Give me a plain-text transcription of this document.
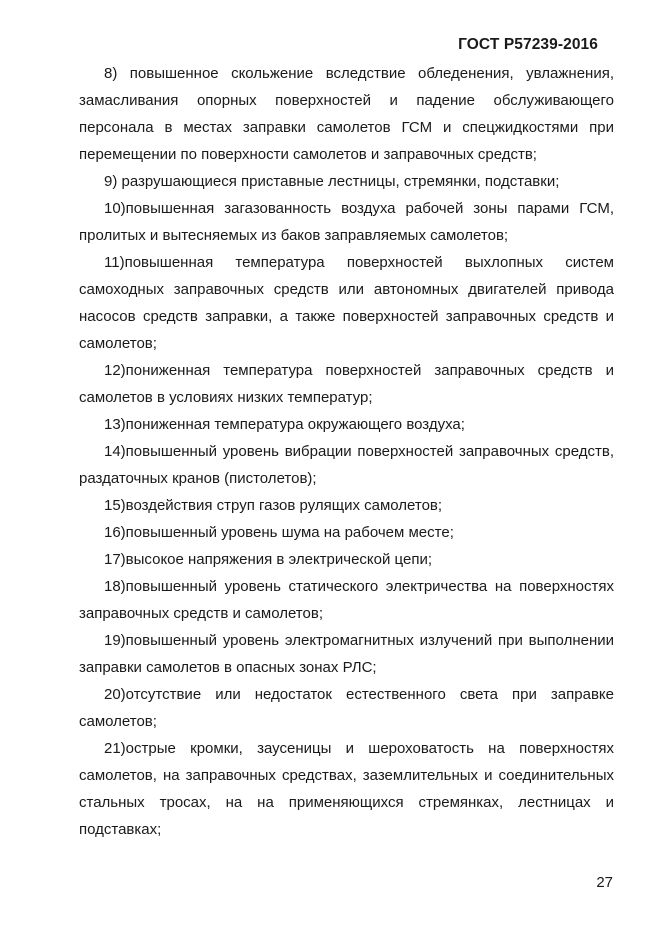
ГОСТ Р57239-2016

8) повышенное скольжение вследствие обледенения, увлажнения, замасливания опорных поверхностей и падение обслуживающего персонала в местах заправки самолетов ГСМ и спецжидкостями при перемещении по поверхности самолетов и заправочных средств;

9) разрушающиеся приставные лестницы, стремянки, подставки;

10)повышенная загазованность воздуха рабочей зоны парами ГСМ, пролитых и вытесняемых из баков заправляемых самолетов;

11)повышенная температура поверхностей выхлопных систем самоходных заправочных средств или автономных двигателей привода насосов средств заправки, а также поверхностей заправочных средств и самолетов;

12)пониженная температура поверхностей заправочных средств и самолетов в условиях низких температур;

13)пониженная температура окружающего воздуха;

14)повышенный уровень вибрации поверхностей заправочных средств, раздаточных кранов (пистолетов);

15)воздействия струп газов рулящих самолетов;

16)повышенный уровень шума на рабочем месте;

17)высокое напряжения в электрической цепи;

18)повышенный уровень статического электричества на поверхностях заправочных средств и самолетов;

19)повышенный уровень электромагнитных излучений при выполнении заправки самолетов в опасных зонах РЛС;

20)отсутствие или недостаток естественного света при заправке самолетов;

21)острые кромки, заусеницы и шероховатость на поверхностях самолетов, на заправочных средствах, заземлительных и соединительных стальных тросах, на на применяющихся стремянках, лестницах и подставках;

27
